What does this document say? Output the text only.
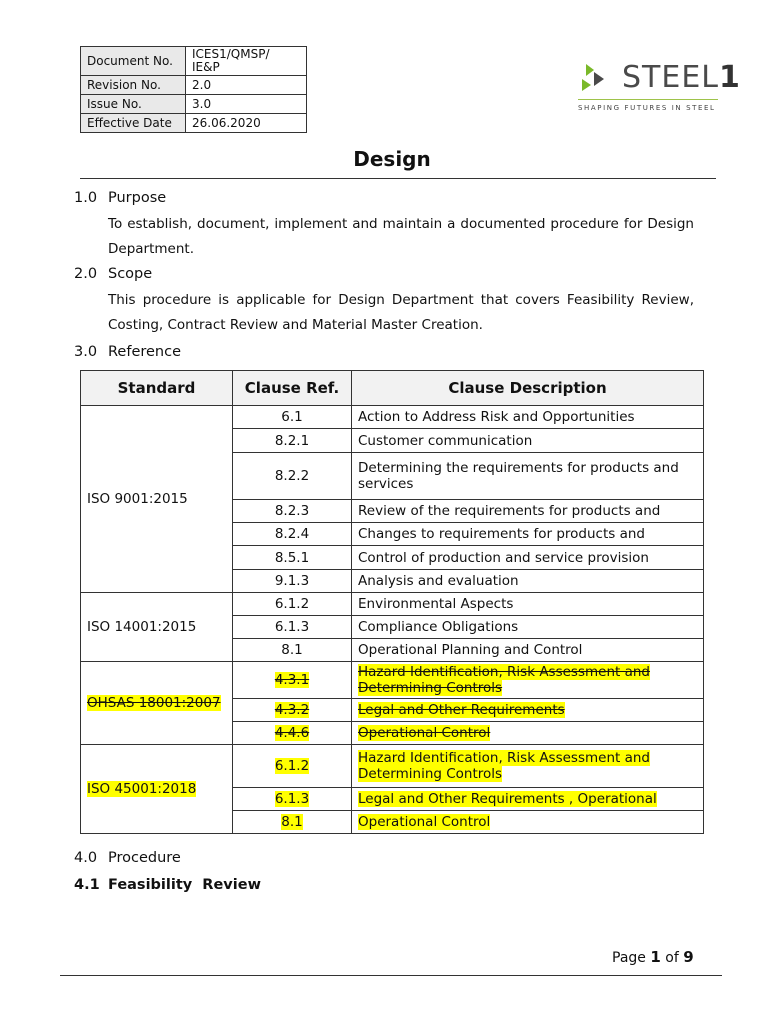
Document No.	ICES1/QMSP/ IE&P
Revision No.	2.0
Issue No.	3.0
Effective Date	26.06.2020
STEEL1
SHAPING FUTURES IN STEEL
Design
1.0 Purpose
To establish, document, implement and maintain a documented procedure for Design Department.
2.0 Scope
This procedure is applicable for Design Department that covers Feasibility Review, Costing, Contract Review and Material Master Creation.
3.0 Reference
Standard	Clause Ref.	Clause Description
ISO 9001:2015	6.1	Action to Address Risk and Opportunities
	8.2.1	Customer communication
	8.2.2	Determining the requirements for products and services
	8.2.3	Review of the requirements for products and

	8.2.4	Changes to requirements for products and

	8.5.1	Control of production and service provision
	9.1.3	Analysis and evaluation
ISO 14001:2015	6.1.2	Environmental Aspects
	6.1.3	Compliance Obligations
	8.1	Operational Planning and Control
OHSAS 18001:2007	4.3.1	Hazard Identification, Risk Assessment and Determining Controls
	4.3.2	Legal and Other Requirements
	4.4.6	Operational Control
ISO 45001:2018	6.1.2	Hazard Identification, Risk Assessment and Determining Controls
	6.1.3	Legal and Other Requirements , Operational

	8.1	Operational Control
4.0 Procedure
4.1 Feasibility  Review
Page 1 of 9
